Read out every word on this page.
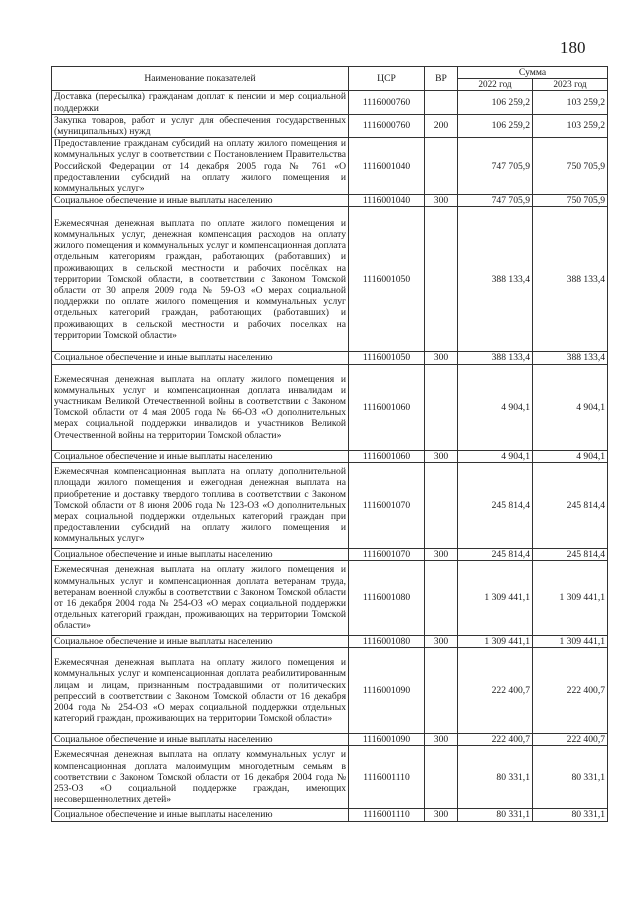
180
Наименование показателей	ЦСР	ВР	Сумма	
			2022 год	2023 год
Доставка (пересылка) гражданам доплат к пенсии и мер социальной поддержки	1116000760		106 259,2	103 259,2
Закупка товаров, работ и услуг для обеспечения государственных (муниципальных) нужд	1116000760	200	106 259,2	103 259,2
Предоставление гражданам субсидий на оплату жилого помещения и коммунальных услуг в соответствии с Постановлением Правительства Российской Федерации от 14 декабря 2005 года № 761 «О предоставлении субсидий на оплату жилого помещения и коммунальных услуг»	1116001040		747 705,9	750 705,9
Социальное обеспечение и иные выплаты населению	1116001040	300	747 705,9	750 705,9
Ежемесячная денежная выплата по оплате жилого помещения и коммунальных услуг, денежная компенсация расходов на оплату жилого помещения и коммунальных услуг и компенсационная доплата отдельным категориям граждан, работающих (работавших) и проживающих в сельской местности и рабочих посёлках на территории Томской области, в соответствии с Законом Томской области от 30 апреля 2009 года № 59-ОЗ «О мерах социальной поддержки по оплате жилого помещения и коммунальных услуг отдельных категорий граждан, работающих (работавших) и проживающих в сельской местности и рабочих поселках на территории Томской области»	1116001050		388 133,4	388 133,4
Социальное обеспечение и иные выплаты населению	1116001050	300	388 133,4	388 133,4
Ежемесячная денежная выплата на оплату жилого помещения и коммунальных услуг и компенсационная доплата инвалидам и участникам Великой Отечественной войны в соответствии с Законом Томской области от 4 мая 2005 года № 66-ОЗ «О дополнительных мерах социальной поддержки инвалидов и участников Великой Отечественной войны на территории Томской области»	1116001060		4 904,1	4 904,1
Социальное обеспечение и иные выплаты населению	1116001060	300	4 904,1	4 904,1
Ежемесячная компенсационная выплата на оплату дополнительной площади жилого помещения и ежегодная денежная выплата на приобретение и доставку твердого топлива в соответствии с Законом Томской области от 8 июня 2006 года № 123-ОЗ «О дополнительных мерах социальной поддержки отдельных категорий граждан при предоставлении субсидий на оплату жилого помещения и коммунальных услуг»	1116001070		245 814,4	245 814,4
Социальное обеспечение и иные выплаты населению	1116001070	300	245 814,4	245 814,4
Ежемесячная денежная выплата на оплату жилого помещения и коммунальных услуг и компенсационная доплата ветеранам труда, ветеранам военной службы в соответствии с Законом Томской области от 16 декабря 2004 года № 254-ОЗ «О мерах социальной поддержки отдельных категорий граждан, проживающих на территории Томской области»	1116001080		1 309 441,1	1 309 441,1
Социальное обеспечение и иные выплаты населению	1116001080	300	1 309 441,1	1 309 441,1
Ежемесячная денежная выплата на оплату жилого помещения и коммунальных услуг и компенсационная доплата реабилитированным лицам и лицам, признанным пострадавшими от политических репрессий в соответствии с Законом Томской области от 16 декабря 2004 года № 254-ОЗ «О мерах социальной поддержки отдельных категорий граждан, проживающих на территории Томской области»	1116001090		222 400,7	222 400,7
Социальное обеспечение и иные выплаты населению	1116001090	300	222 400,7	222 400,7
Ежемесячная денежная выплата на оплату коммунальных услуг и компенсационная доплата малоимущим многодетным семьям в соответствии с Законом Томской области от 16 декабря 2004 года № 253-ОЗ «О социальной поддержке граждан, имеющих несовершеннолетних детей»	1116001110		80 331,1	80 331,1
Социальное обеспечение и иные выплаты населению	1116001110	300	80 331,1	80 331,1
